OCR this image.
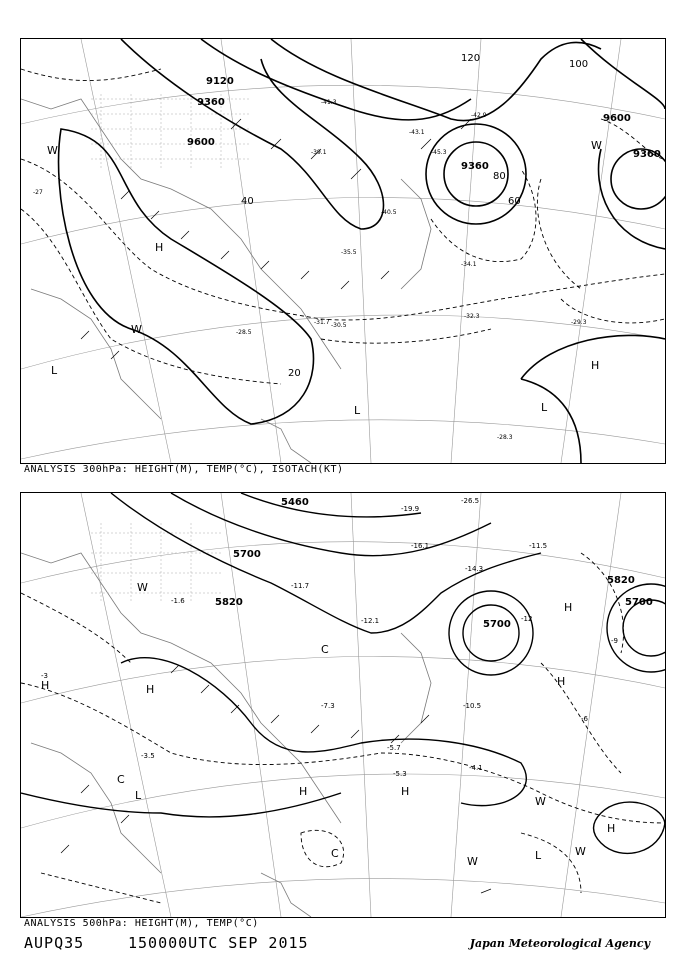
9120
9360
9600
9360
9600
9360
20
40	60
80
100
120
-27
-29.3
-31.7
-32.3
-34.1
-35.5
-39.1
-40.5
-41.3
-42.9
-43.1
-45.3
-28.5
-30.5
-28.3
H
H
L
L	L
W
W
W
ANALYSIS 300hPa: HEIGHT(M), TEMP(°C), ISOTACH(KT)
5460
5700
5820
5700
5820
5700
-3
-6
-9
-12
-14.3
-11.5
-10.5
-7.3
-5.3
-4.1
-3.5
-1.6
-5.7
-11.7
-12.1
-16.1
-19.9
-26.5
H
H
H
H	H
H
H
L
L
C
C
C
W
W
W
W
ANALYSIS 500hPa: HEIGHT(M), TEMP(°C)
AUPQ35	150000UTC SEP 2015	Japan Meteorological Agency
